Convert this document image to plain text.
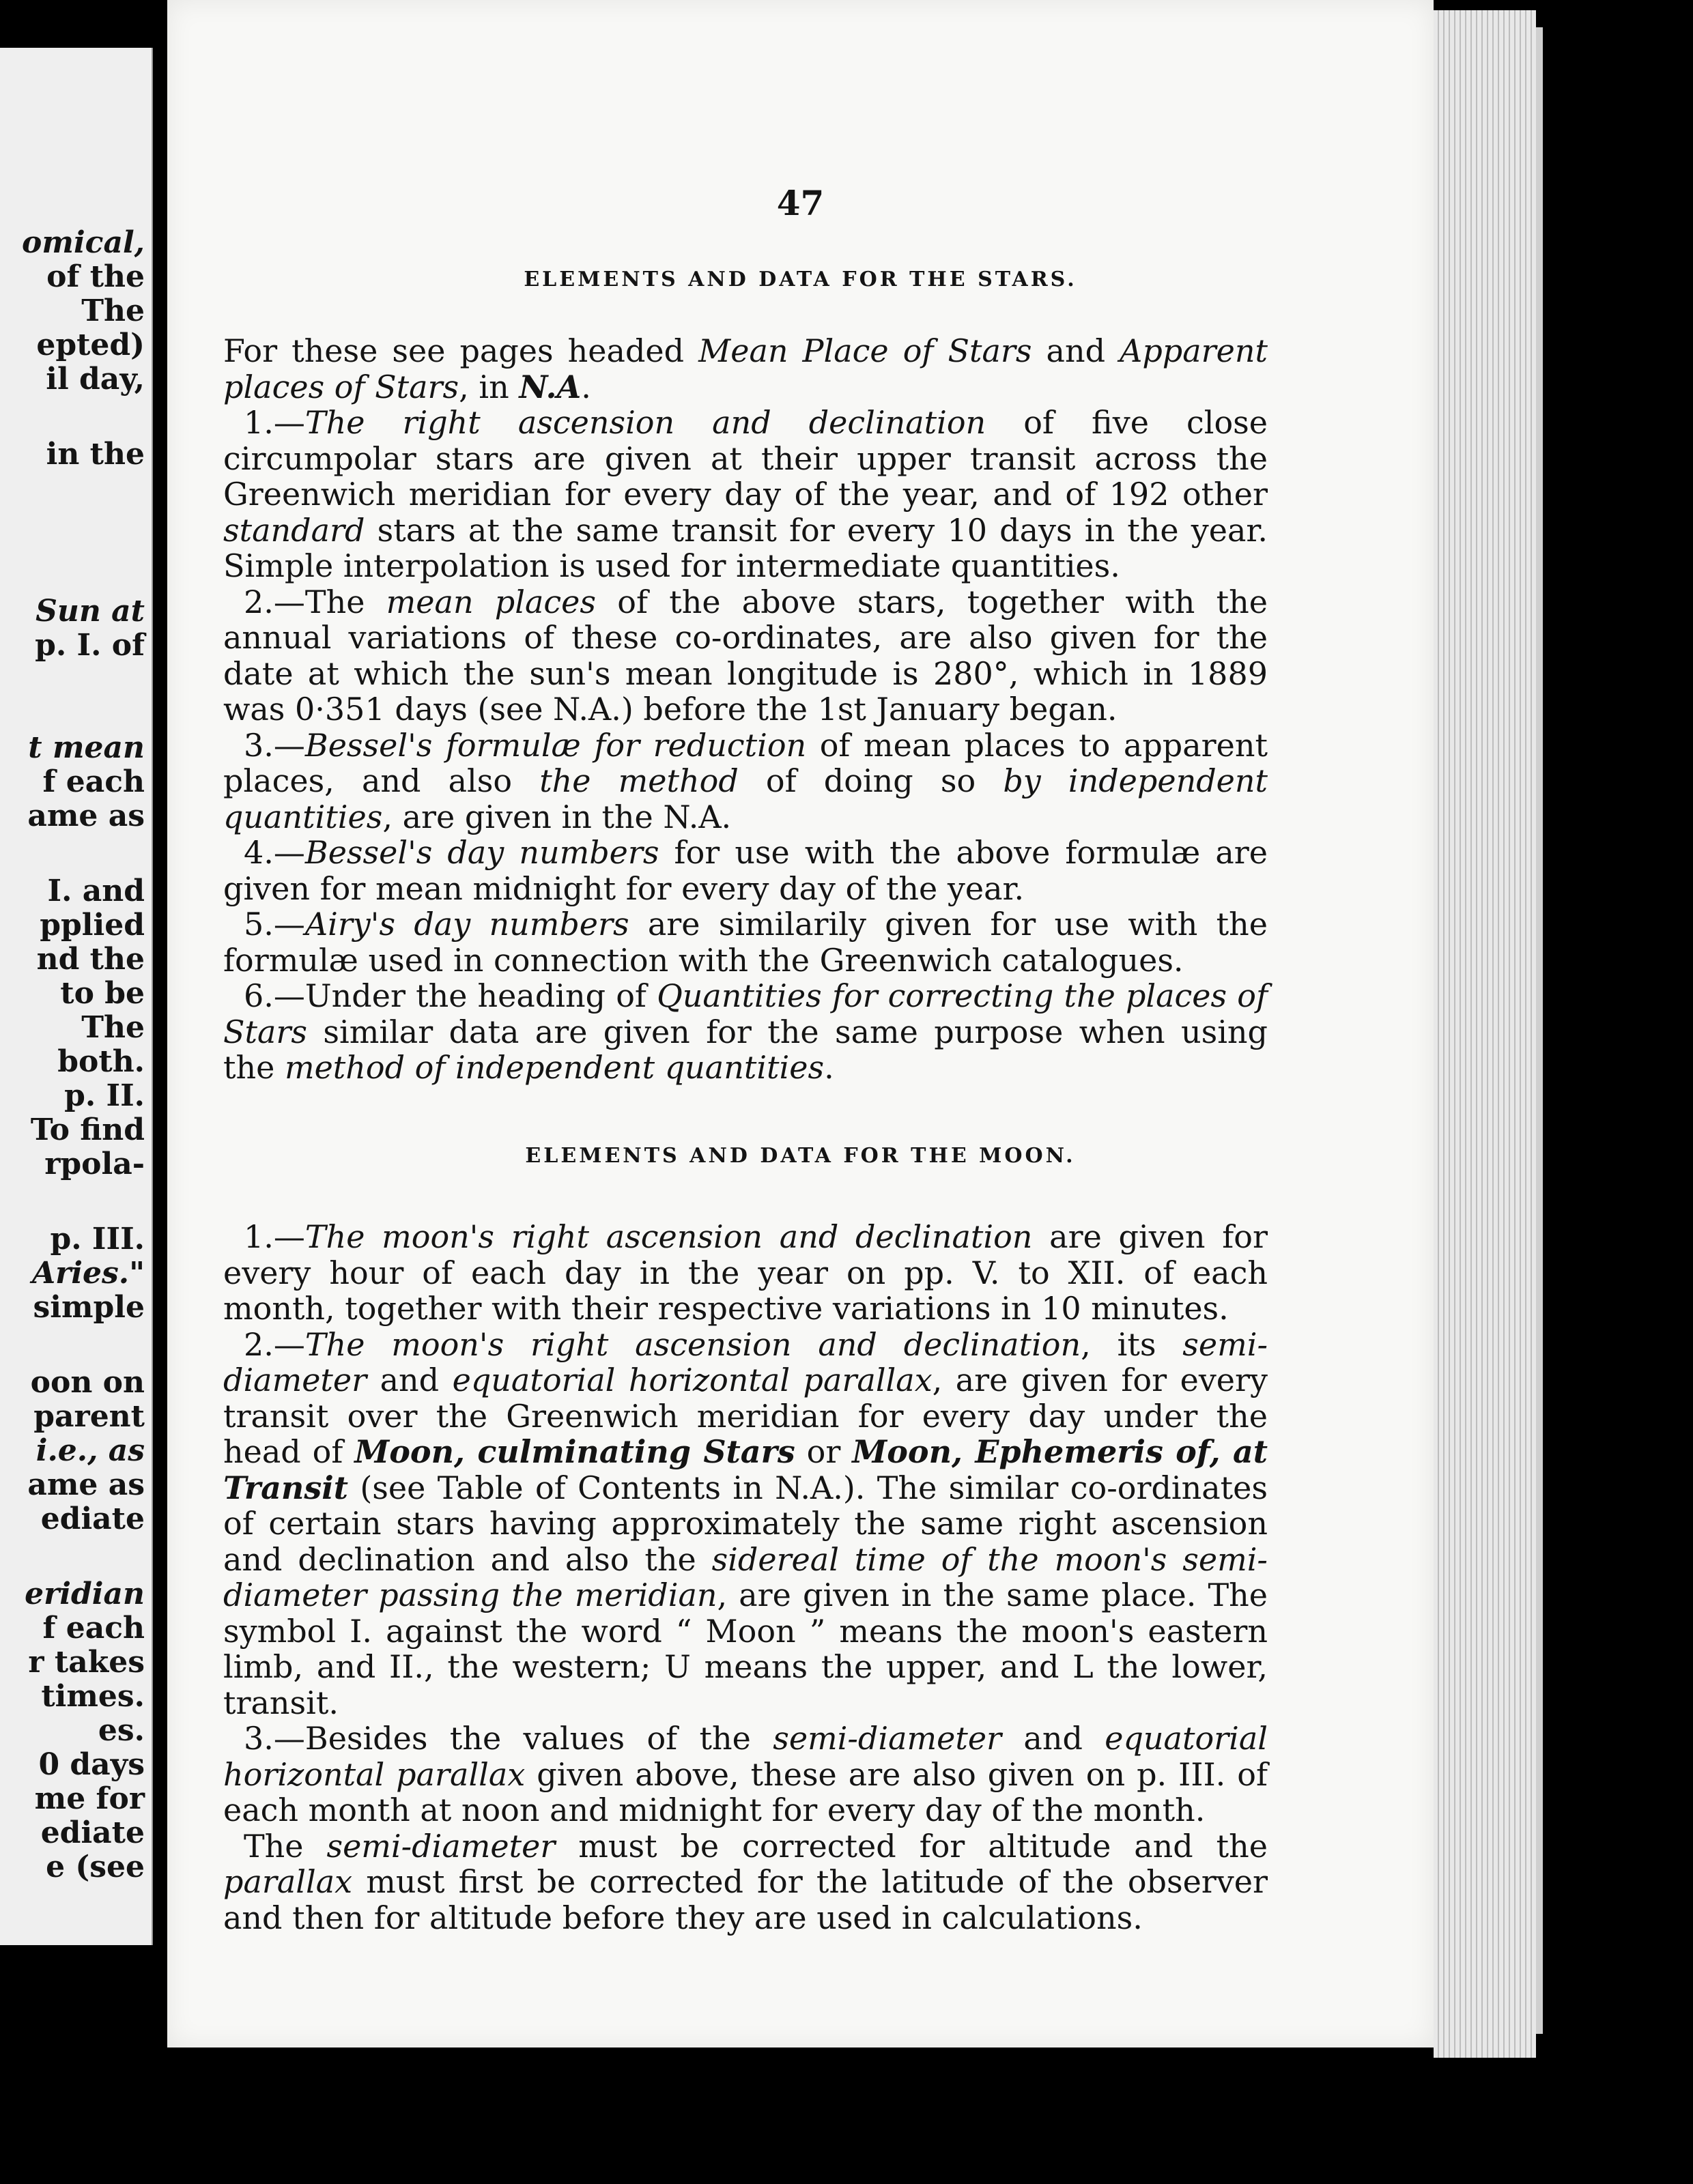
omical,
of the
The
epted)
il day,
in the
Sun at
p. I. of
t mean
f each
ame as
I. and
pplied
nd the
to be
The
both.
p. II.
To find
rpola-
p. III.
Aries."
simple
oon on
parent
i.e., as
ame as
ediate
eridian
f each
r takes
times.
es.
0 days
me for
ediate
e (see
47
ELEMENTS AND DATA FOR THE STARS.

For these see pages headed Mean Place of Stars and Apparent places of Stars, in N.A.

1.—The right ascension and declination of five close circumpolar stars are given at their upper transit across the Greenwich meridian for every day of the year, and of 192 other standard stars at the same transit for every 10 days in the year. Simple interpolation is used for intermediate quantities.

2.—The mean places of the above stars, together with the annual variations of these co-ordinates, are also given for the date at which the sun's mean longitude is 280°, which in 1889 was 0·351 days (see N.A.) before the 1st January began.

3.—Bessel's formulæ for reduction of mean places to apparent places, and also the method of doing so by independent quantities, are given in the N.A.

4.—Bessel's day numbers for use with the above formulæ are given for mean midnight for every day of the year.

5.—Airy's day numbers are similarily given for use with the formulæ used in connection with the Greenwich catalogues.

6.—Under the heading of Quantities for correcting the places of Stars similar data are given for the same purpose when using the method of independent quantities.

ELEMENTS AND DATA FOR THE MOON.

1.—The moon's right ascension and declination are given for every hour of each day in the year on pp. V. to XII. of each month, together with their respective variations in 10 minutes.

2.—The moon's right ascension and declination, its semi-diameter and equatorial horizontal parallax, are given for every transit over the Greenwich meridian for every day under the head of Moon, culminating Stars or Moon, Ephemeris of, at Transit (see Table of Contents in N.A.). The similar co-ordinates of certain stars having approximately the same right ascension and declination and also the sidereal time of the moon's semi-diameter passing the meridian, are given in the same place. The symbol I. against the word “ Moon ” means the moon's eastern limb, and II., the western; U means the upper, and L the lower, transit.

3.—Besides the values of the semi-diameter and equatorial horizontal parallax given above, these are also given on p. III. of each month at noon and midnight for every day of the month.

The semi-diameter must be corrected for altitude and the parallax must first be corrected for the latitude of the observer and then for altitude before they are used in calculations.
